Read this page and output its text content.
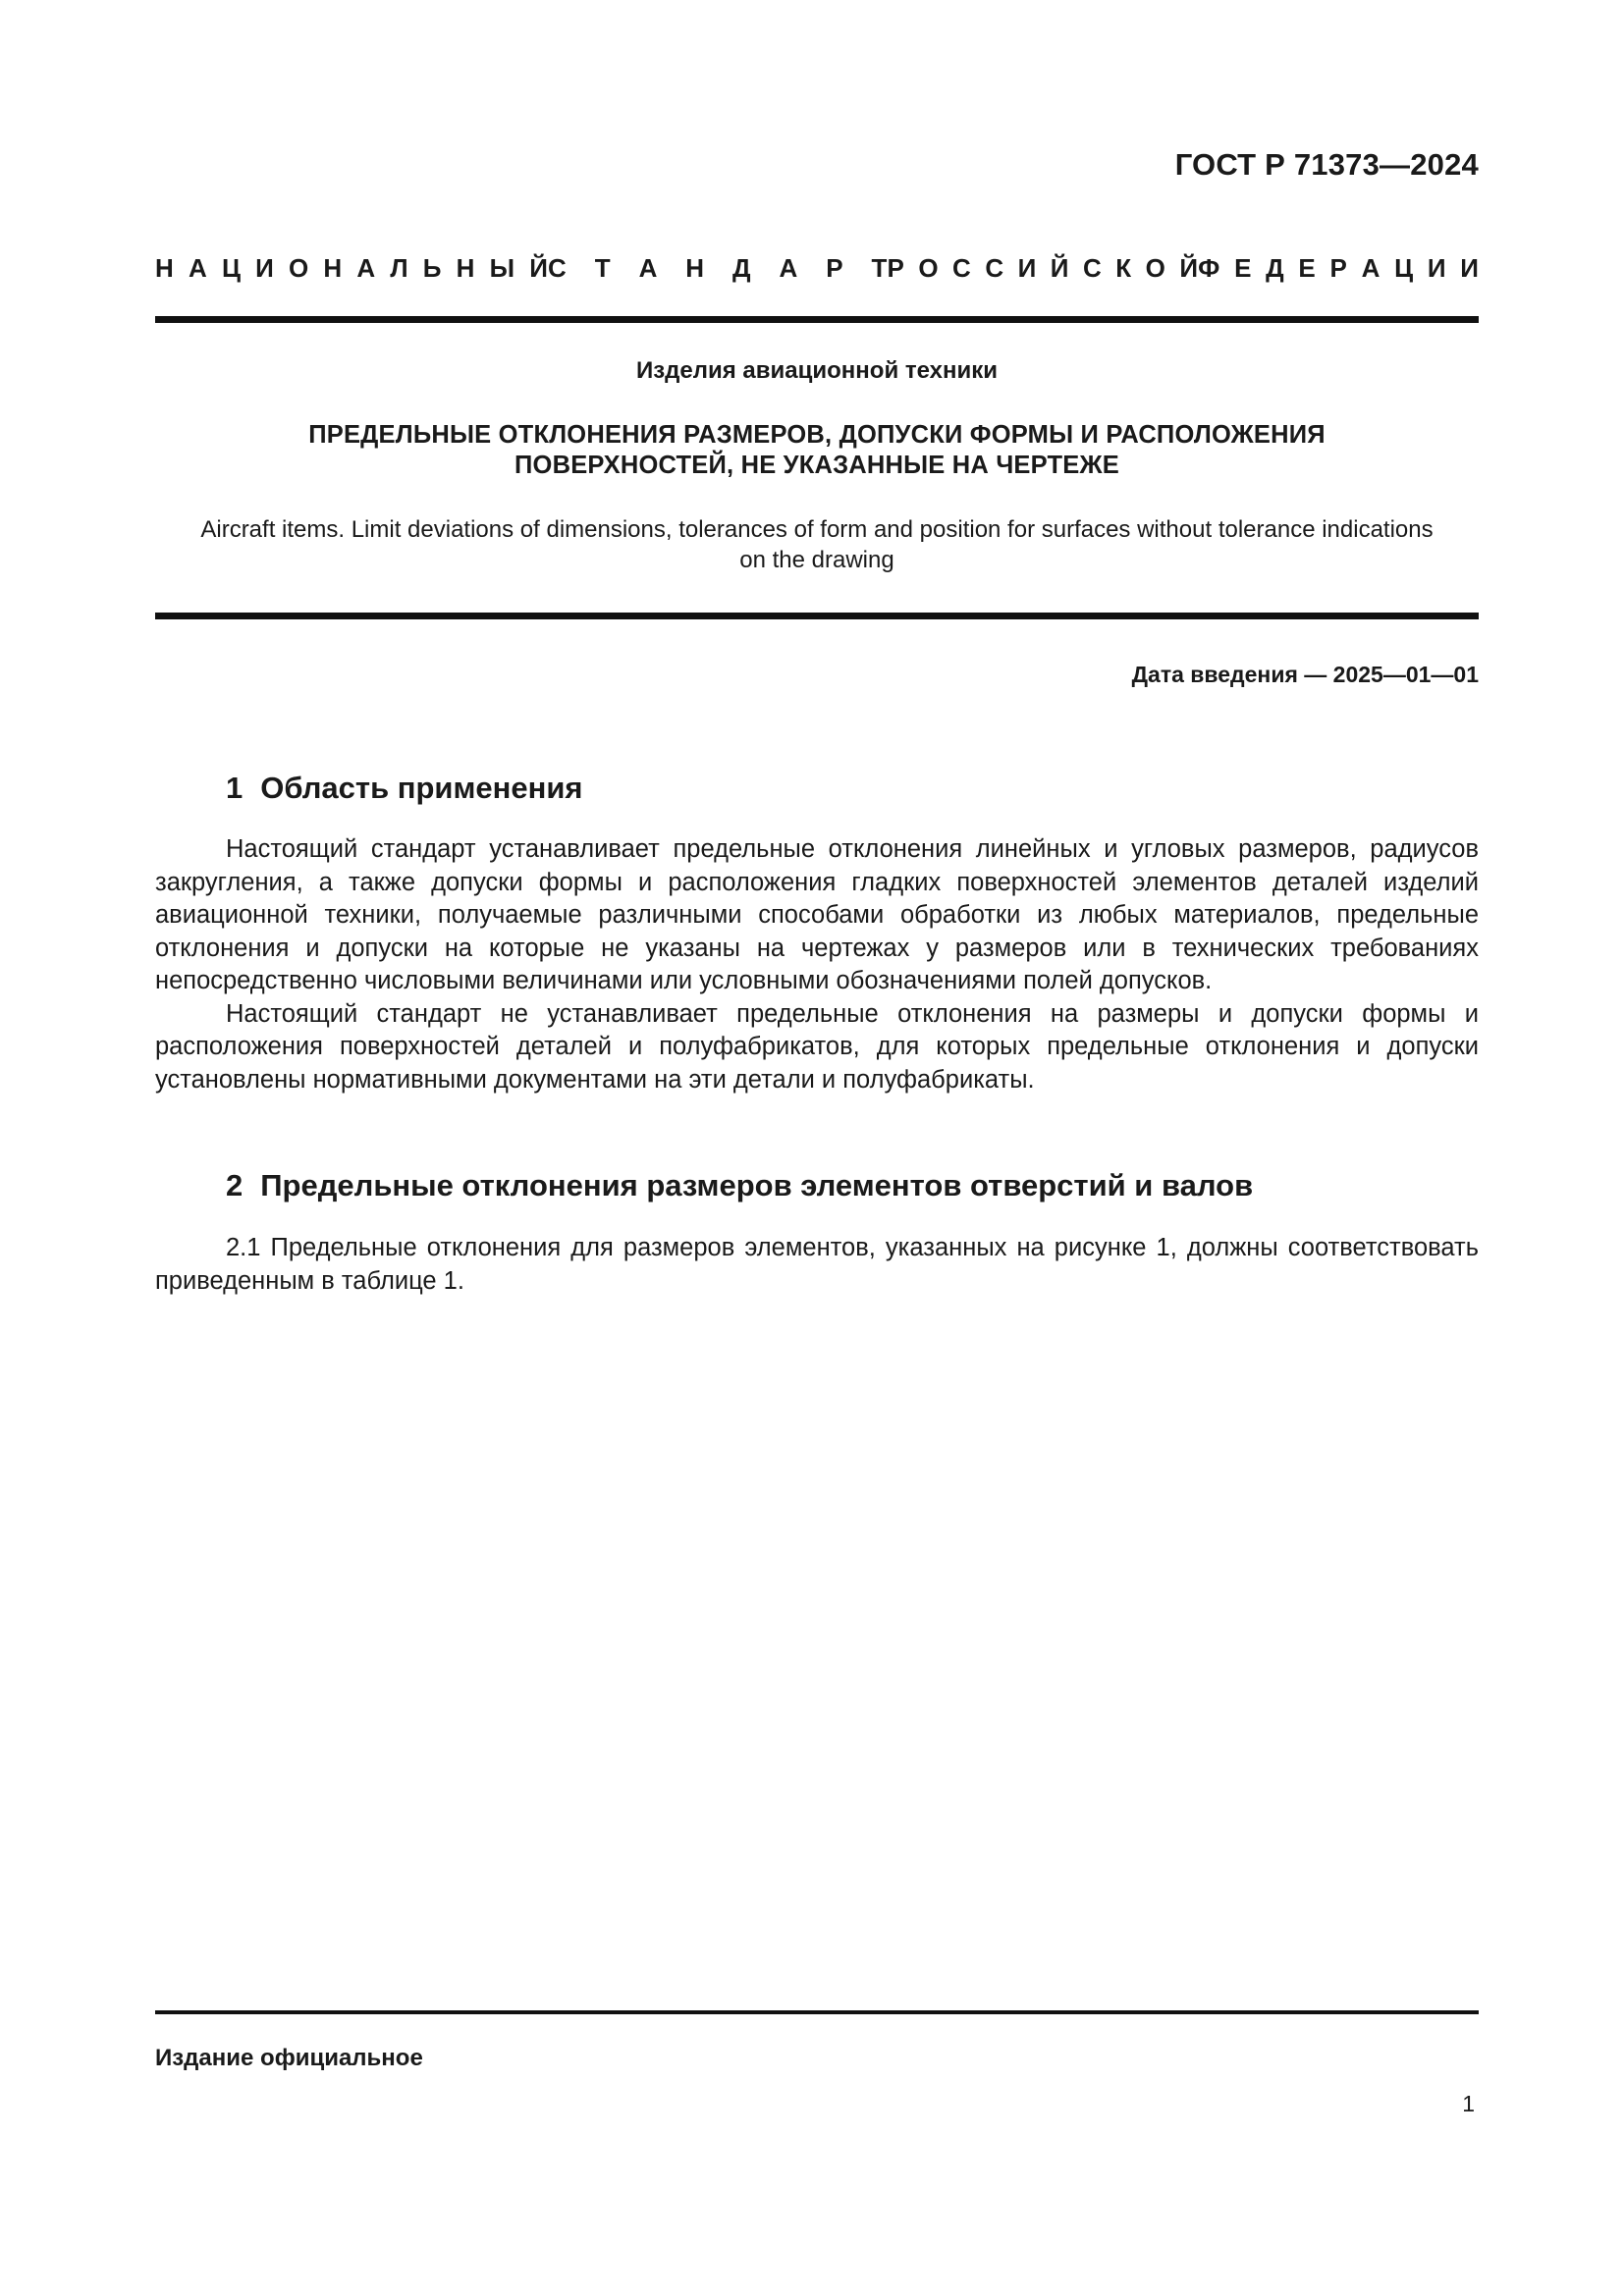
ГОСТ Р 71373—2024
Н А Ц И О Н А Л Ь Н Ы Й С Т А Н Д А Р Т Р О С С И Й С К О Й Ф Е Д Е Р А Ц И И
Изделия авиационной техники
ПРЕДЕЛЬНЫЕ ОТКЛОНЕНИЯ РАЗМЕРОВ, ДОПУСКИ ФОРМЫ И РАСПОЛОЖЕНИЯ
ПОВЕРХНОСТЕЙ, НЕ УКАЗАННЫЕ НА ЧЕРТЕЖЕ
Aircraft items. Limit deviations of dimensions, tolerances of form and position for surfaces without tolerance indications
on the drawing
Дата введения — 2025—01—01
1 Область применения

Настоящий стандарт устанавливает предельные отклонения линейных и угловых размеров, радиусов закругления, а также допуски формы и расположения гладких поверхностей элементов деталей изделий авиационной техники, получаемые различными способами обработки из любых материалов, предельные отклонения и допуски на которые не указаны на чертежах у размеров или в технических требованиях непосредственно числовыми величинами или условными обозначениями полей допусков.

Настоящий стандарт не устанавливает предельные отклонения на размеры и допуски формы и расположения поверхностей деталей и полуфабрикатов, для которых предельные отклонения и допуски установлены нормативными документами на эти детали и полуфабрикаты.

2 Предельные отклонения размеров элементов отверстий и валов

2.1 Предельные отклонения для размеров элементов, указанных на рисунке 1, должны соответствовать приведенным в таблице 1.

Издание официальное
1
